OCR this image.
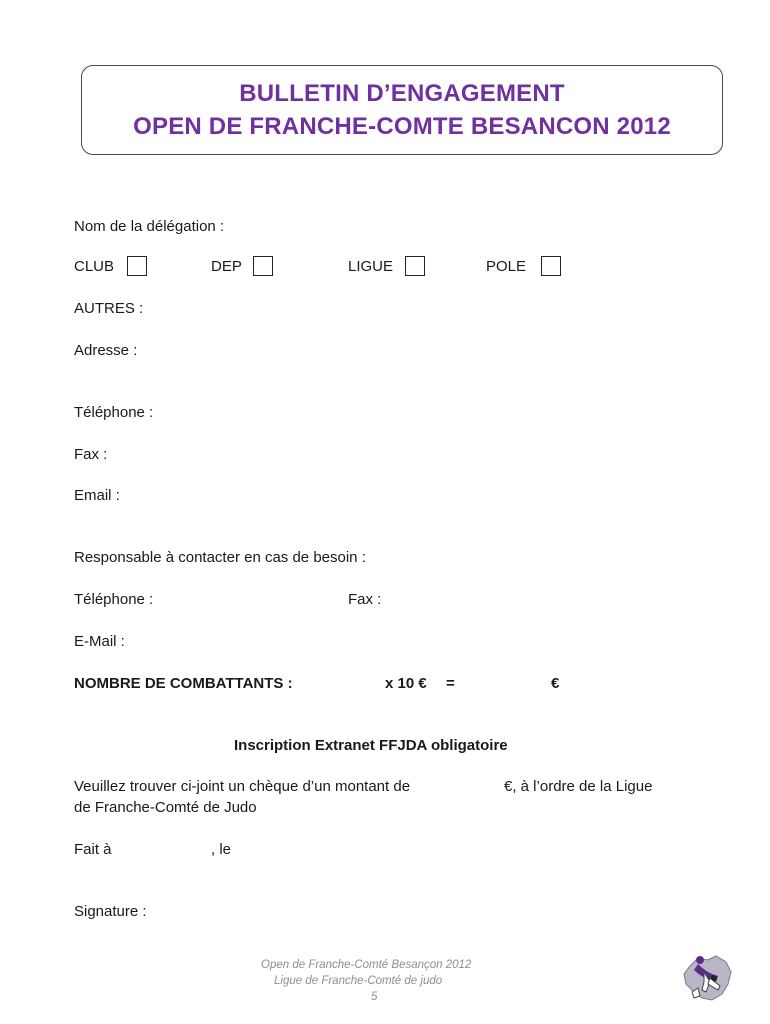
BULLETIN D’ENGAGEMENT
OPEN DE FRANCHE-COMTE BESANCON 2012
Nom de la délégation :
CLUB	DEP	LIGUE	POLE
AUTRES :
Adresse :
Téléphone :
Fax :
Email :
Responsable à contacter en cas de besoin :
Téléphone :	Fax :
E-Mail :
NOMBRE DE COMBATTANTS :	x 10 € =	€
Inscription Extranet FFJDA obligatoire
Veuillez trouver ci-joint un chèque d’un montant de	€, à l’ordre de la Ligue
de Franche-Comté de Judo
Fait à	, le
Signature :
Open de Franche-Comté Besançon 2012
Ligue de Franche-Comté de judo
5
